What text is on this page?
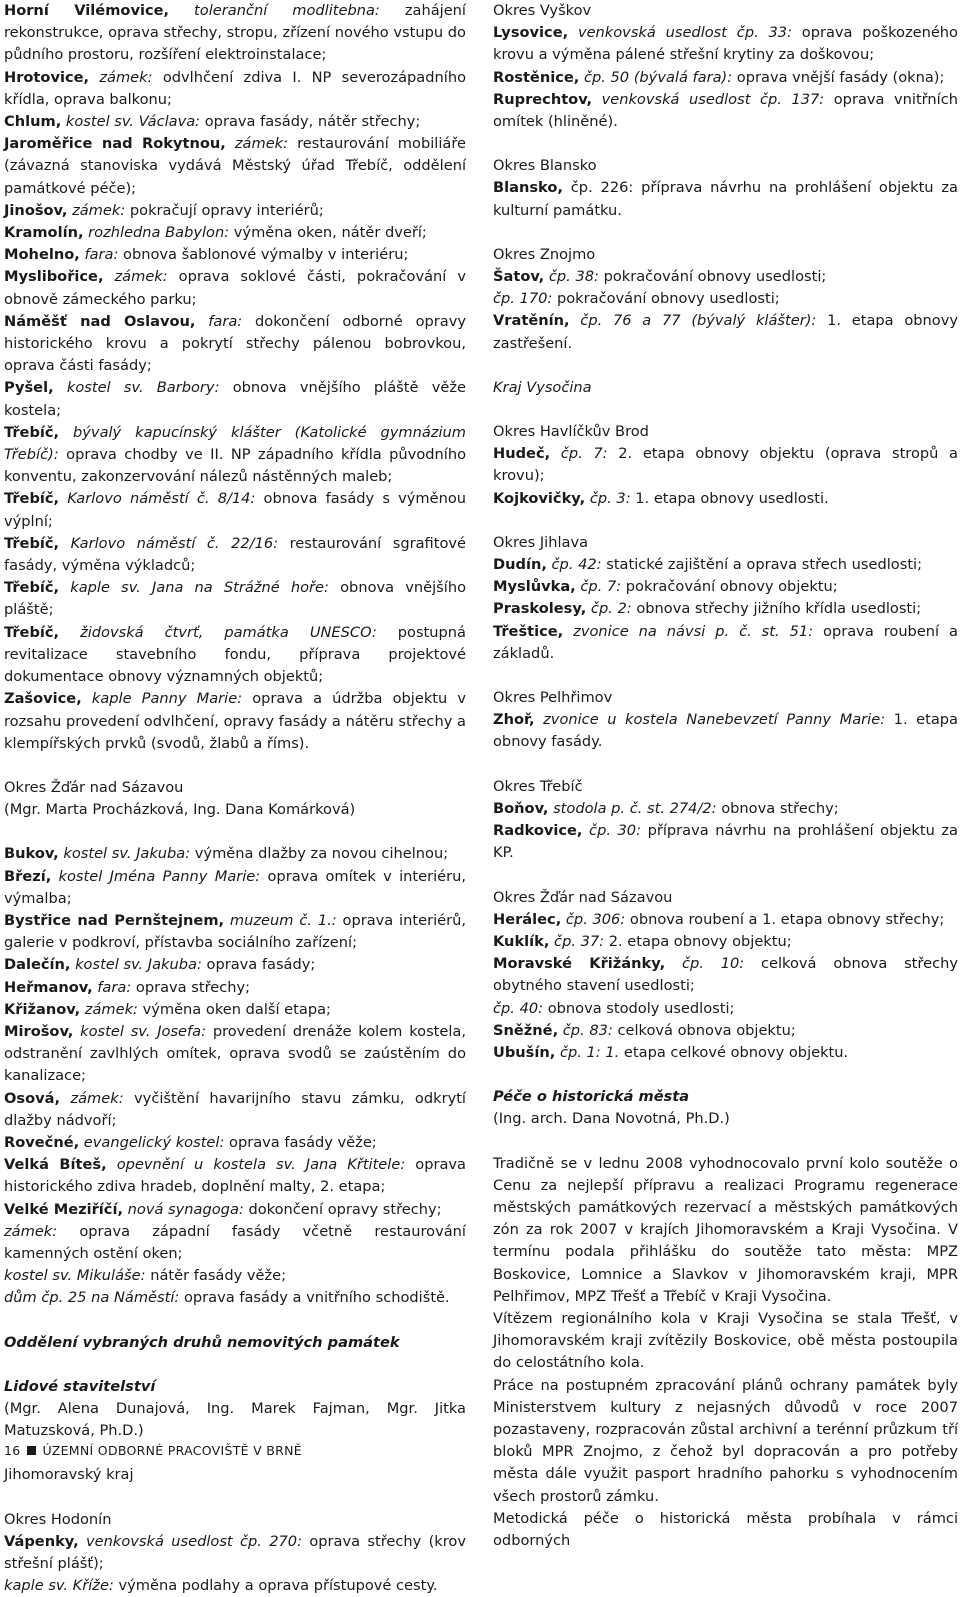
Horní Vilémovice, toleranční modlitebna: zahájení rekonstrukce, oprava střechy, stropu, zřízení nového vstupu do půdního prostoru, rozšíření elektroinstalace;

Hrotovice, zámek: odvlhčení zdiva I. NP severozápadního křídla, oprava balkonu;

Chlum, kostel sv. Václava: oprava fasády, nátěr střechy;

Jaroměřice nad Rokytnou, zámek: restaurování mobiliáře (závazná stanoviska vydává Městský úřad Třebíč, oddělení památkové péče);

Jinošov, zámek: pokračují opravy interiérů;

Kramolín, rozhledna Babylon: výměna oken, nátěr dveří;

Mohelno, fara: obnova šablonové výmalby v interiéru;

Myslibořice, zámek: oprava soklové části, pokračování v obnově zámeckého parku;

Náměšť nad Oslavou, fara: dokončení odborné opravy historického krovu a pokrytí střechy pálenou bobrovkou, oprava části fasády;

Pyšel, kostel sv. Barbory: obnova vnějšího pláště věže kostela;

Třebíč, bývalý kapucínský klášter (Katolické gymnázium Třebíč): oprava chodby ve II. NP západního křídla původního konventu, zakonzervování nálezů nástěnných maleb;

Třebíč, Karlovo náměstí č. 8/14: obnova fasády s výměnou výplní;

Třebíč, Karlovo náměstí č. 22/16: restaurování sgrafitové fasády, výměna výkladců;

Třebíč, kaple sv. Jana na Strážné hoře: obnova vnějšího pláště;

Třebíč, židovská čtvrť, památka UNESCO: postupná revitalizace stavebního fondu, příprava projektové dokumentace obnovy významných objektů;

Zašovice, kaple Panny Marie: oprava a údržba objektu v rozsahu provedení odvlhčení, opravy fasády a nátěru střechy a klempířských prvků (svodů, žlabů a říms).

Okres Žďár nad Sázavou

(Mgr. Marta Procházková, Ing. Dana Komárková)

Bukov, kostel sv. Jakuba: výměna dlažby za novou cihelnou;

Březí, kostel Jména Panny Marie: oprava omítek v interiéru, výmalba;

Bystřice nad Pernštejnem, muzeum č. 1.: oprava interiérů, galerie v podkroví, přístavba sociálního zařízení;

Dalečín, kostel sv. Jakuba: oprava fasády;

Heřmanov, fara: oprava střechy;

Křižanov, zámek: výměna oken další etapa;

Mirošov, kostel sv. Josefa: provedení drenáže kolem kostela, odstranění zavlhlých omítek, oprava svodů se zaústěním do kanalizace;

Osová, zámek: vyčištění havarijního stavu zámku, odkrytí dlažby nádvoří;

Rovečné, evangelický kostel: oprava fasády věže;

Velká Bíteš, opevnění u kostela sv. Jana Křtitele: oprava historického zdiva hradeb, doplnění malty, 2. etapa;

Velké Meziříčí, nová synagoga: dokončení opravy střechy;

zámek: oprava západní fasády včetně restaurování kamenných ostění oken;

kostel sv. Mikuláše: nátěr fasády věže;

dům čp. 25 na Náměstí: oprava fasády a vnitřního schodiště.

Oddělení vybraných druhů nemovitých památek

Lidové stavitelství

(Mgr. Alena Dunajová, Ing. Marek Fajman, Mgr. Jitka Matuzsková, Ph.D.)

Jihomoravský kraj

Okres Hodonín

Vápenky, venkovská usedlost čp. 270: oprava střechy (krov střešní plášť);

kaple sv. Kříže: výměna podlahy a opravа přístupové cesty.

Okres Vyškov

Lysovice, venkovská usedlost čp. 33: oprava poškozeného krovu a výměna pálené střešní krytiny za doškovou;

Rostěnice, čp. 50 (bývalá fara): oprava vnější fasády (okna);

Ruprechtov, venkovská usedlost čp. 137: oprava vnitřních omítek (hliněné).

Okres Blansko

Blansko, čp. 226: příprava návrhu na prohlášení objektu za kulturní památku.

Okres Znojmo

Šatov, čp. 38: pokračování obnovy usedlosti;

čp. 170: pokračování obnovy usedlosti;

Vratěnín, čp. 76 a 77 (bývalý klášter): 1. etapa obnovy zastřešení.

Kraj Vysočina

Okres Havlíčkův Brod

Hudeč, čp. 7: 2. etapa obnovy objektu (oprava stropů a krovu);

Kojkovičky, čp. 3: 1. etapa obnovy usedlosti.

Okres Jihlava

Dudín, čp. 42: statické zajištění a oprava střech usedlosti;

Myslůvka, čp. 7: pokračování obnovy objektu;

Praskolesy, čp. 2: obnova střechy jižního křídla usedlosti;

Třeštice, zvonice na návsi p. č. st. 51: oprava roubení a základů.

Okres Pelhřimov

Zhoř, zvonice u kostela Nanebevzetí Panny Marie: 1. etapa obnovy fasády.

Okres Třebíč

Boňov, stodola p. č. st. 274/2: obnova střechy;

Radkovice, čp. 30: příprava návrhu na prohlášení objektu za KP.

Okres Žďár nad Sázavou

Herálec, čp. 306: obnova roubení a 1. etapa obnovy střechy;

Kuklík, čp. 37: 2. etapa obnovy objektu;

Moravské Křižánky, čp. 10: celková obnova střechy obytného stavení usedlosti;

čp. 40: obnova stodoly usedlosti;

Sněžné, čp. 83: celková obnova objektu;

Ubušín, čp. 1: 1. etapa celkové obnovy objektu.

Péče o historická města

(Ing. arch. Dana Novotná, Ph.D.)

Tradičně se v lednu 2008 vyhodnocovalo první kolo soutěže o Cenu za nejlepší přípravu a realizaci Programu regenerace městských památkových rezervací a městských památkových zón za rok 2007 v krajích Jihomoravském a Kraji Vysočina. V termínu podala přihlášku do soutěže tato města: MPZ Boskovice, Lomnice a Slavkov v Jihomoravském kraji, MPR Pelhřimov, MPZ Třešť a Třebíč v Kraji Vysočina.

Vítězem regionálního kola v Kraji Vysočina se stala Třešť, v Jihomoravském kraji zvítězily Boskovice, obě města postoupila do celostátního kola.

Práce na postupném zpracování plánů ochrany památek byly Ministerstvem kultury z nejasných důvodů v roce 2007 pozastaveny, rozpracován zůstal archivní a terénní průzkum tří bloků MPR Znojmo, z čehož byl dopracován a pro potřeby města dále využit pasport hradního pahorku s vyhodnocením všech prostorů zámku.

Metodická péče o historická města probíhala v rámci odborných

16 ÚZEMNÍ ODBORNÉ PRACOVIŠTĚ V BRNĚ
